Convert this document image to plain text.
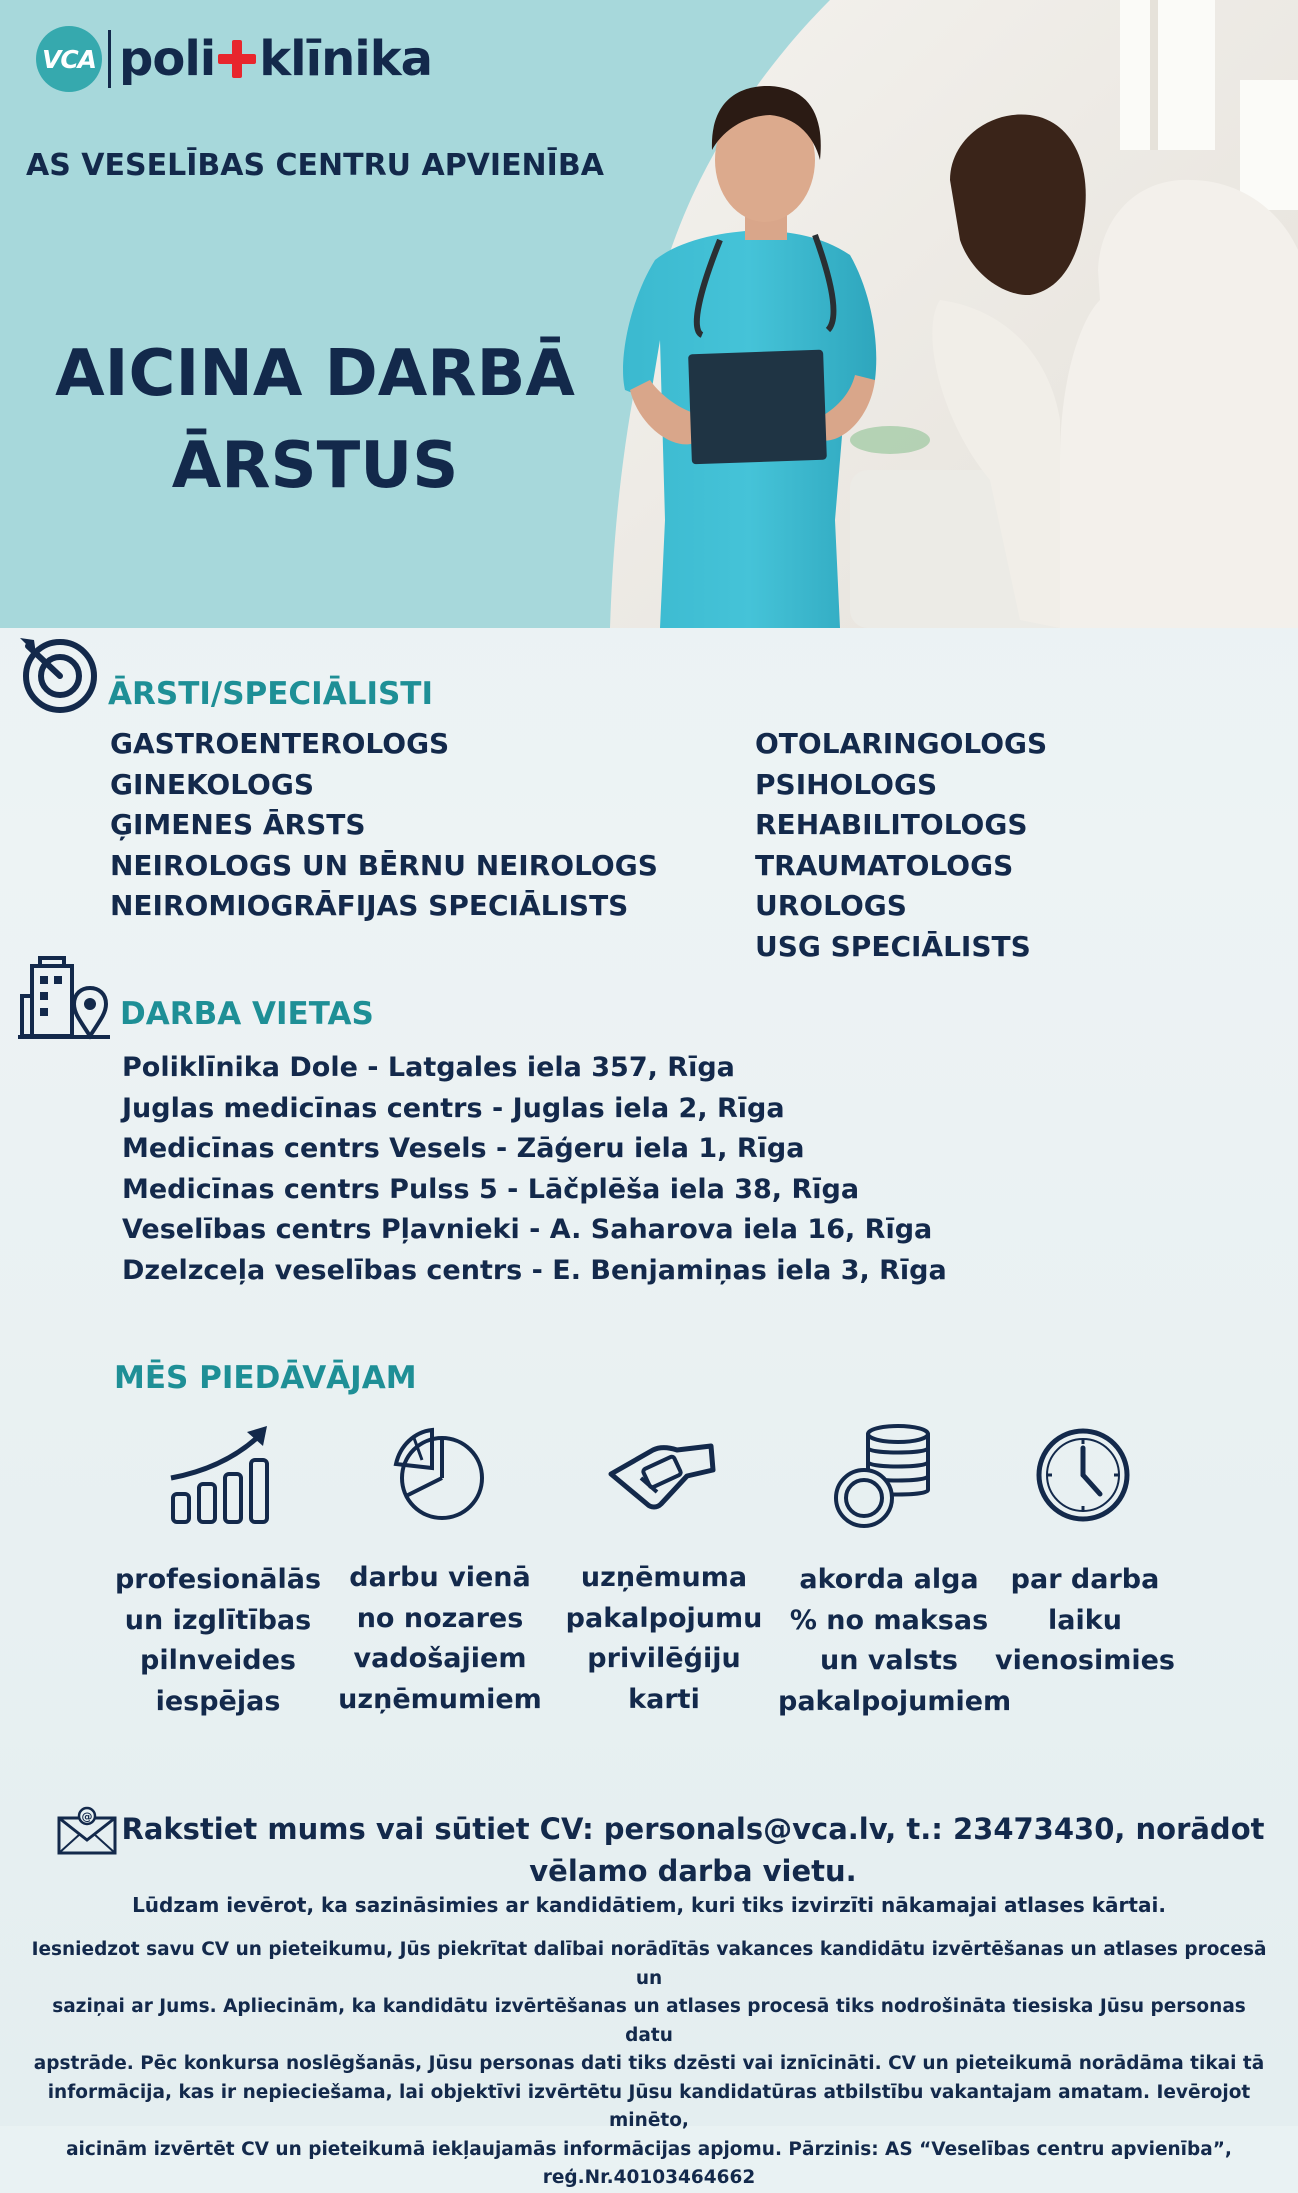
VCA poli klīnika
AS VESELĪBAS CENTRU APVIENĪBA
AICINA DARBĀ
ĀRSTUS
ĀRSTI/SPECIĀLISTI
GASTROENTEROLOGS
GINEKOLOGS
ĢIMENES ĀRSTS
NEIROLOGS UN BĒRNU NEIROLOGS
NEIROMIOGRĀFIJAS SPECIĀLISTS
OTOLARINGOLOGS
PSIHOLOGS
REHABILITOLOGS
TRAUMATOLOGS
UROLOGS
USG SPECIĀLISTS
DARBA VIETAS
Poliklīnika Dole - Latgales iela 357, Rīga
Juglas medicīnas centrs - Juglas iela 2, Rīga
Medicīnas centrs Vesels - Zāģeru iela 1, Rīga
Medicīnas centrs Pulss 5 - Lāčplēša iela 38, Rīga
Veselības centrs Pļavnieki - A. Saharova iela 16, Rīga
Dzelzceļa veselības centrs - E. Benjamiņas iela 3, Rīga
MĒS PIEDĀVĀJAM
profesionālās
un izglītības
pilnveides
iespējas
darbu vienā
no nozares
vadošajiem
uzņēmumiem
uzņēmuma
pakalpojumu
privilēģiju
karti
akorda alga
% no maksas
un valsts
pakalpojumiem
par darba
laiku
vienosimies
@ Rakstiet mums vai sūtiet CV: personals@vca.lv, t.: 23473430, norādot vēlamo darba vietu.
Lūdzam ievērot, ka sazināsimies ar kandidātiem, kuri tiks izvirzīti nākamajai atlases kārtai.
Iesniedzot savu CV un pieteikumu, Jūs piekrītat dalībai norādītās vakances kandidātu izvērtēšanas un atlases procesā un
saziņai ar Jums. Apliecinām, ka kandidātu izvērtēšanas un atlases procesā tiks nodrošināta tiesiska Jūsu personas datu
apstrāde. Pēc konkursa noslēgšanās, Jūsu personas dati tiks dzēsti vai iznīcināti. CV un pieteikumā norādāma tikai tā
informācija, kas ir nepieciešama, lai objektīvi izvērtētu Jūsu kandidatūras atbilstību vakantajam amatam. Ievērojot minēto,
aicinām izvērtēt CV un pieteikumā iekļaujamās informācijas apjomu. Pārzinis: AS “Veselības centru apvienība”,
reģ.Nr.40103464662
